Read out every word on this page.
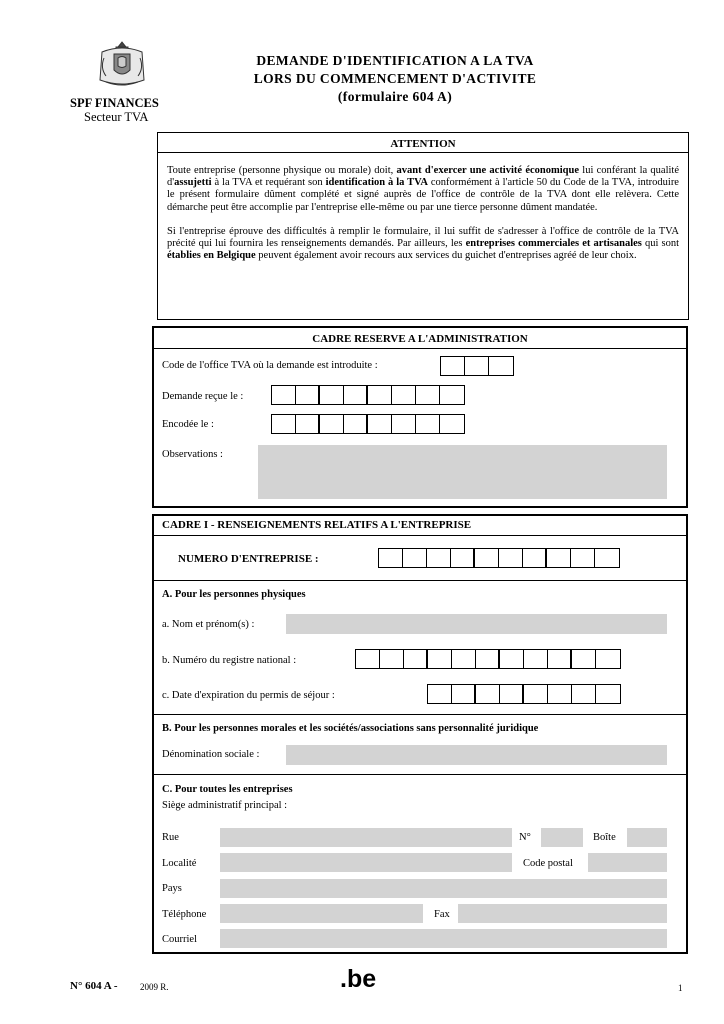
SPF FINANCES
Secteur TVA
DEMANDE D'IDENTIFICATION A LA TVA
LORS DU COMMENCEMENT D'ACTIVITE
(formulaire 604 A)
ATTENTION

Toute entreprise (personne physique ou morale) doit, avant d'exercer une activité économique lui conférant la qualité d'assujetti à la TVA et requérant son identification à la TVA conformément à l'article 50 du Code de la TVA, introduire le présent formulaire dûment complété et signé auprès de l'office de contrôle de la TVA dont elle relèvera. Cette démarche peut être accomplie par l'entreprise elle-même ou par une tierce personne dûment mandatée.

Si l'entreprise éprouve des difficultés à remplir le formulaire, il lui suffit de s'adresser à l'office de contrôle de la TVA précité qui lui fournira les renseignements demandés. Par ailleurs, les entreprises commerciales et artisanales qui sont établies en Belgique peuvent également avoir recours aux services du guichet d'entreprises agréé de leur choix.

CADRE RESERVE A L'ADMINISTRATION
Code de l'office TVA où la demande est introduite :
Demande reçue le :
Encodée le :
Observations :
CADRE I - RENSEIGNEMENTS RELATIFS A L'ENTREPRISE
NUMERO D'ENTREPRISE :
A. Pour les personnes physiques
a. Nom et prénom(s) :
b. Numéro du registre national :
c. Date d'expiration du permis de séjour :
B. Pour les personnes morales et les sociétés/associations sans personnalité juridique
Dénomination sociale :
C. Pour toutes les entreprises
Siège administratif principal :
Rue	N°	Boîte
Localité	Code postal
Pays
Téléphone	Fax
Courriel
N° 604 A -	2009 R.	.be	1
